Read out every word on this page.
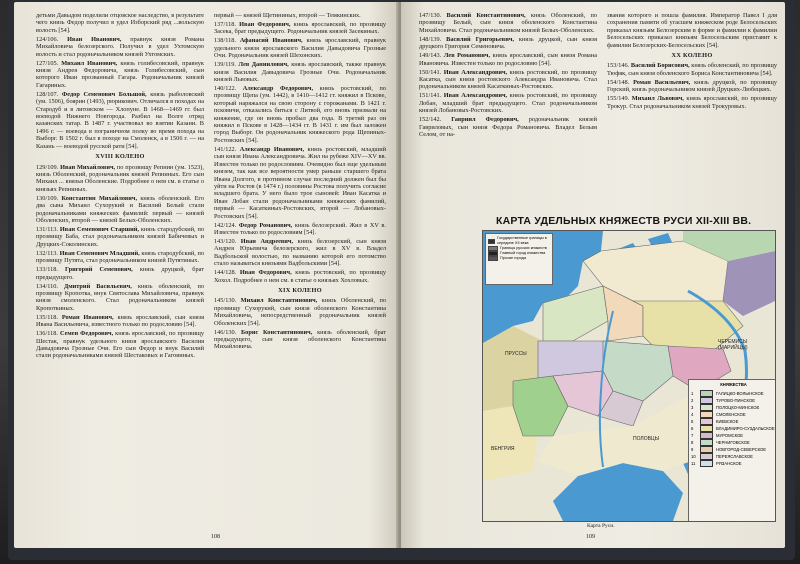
детьми Давыдом поделили отцовское наследство, в результате чего князь Федор получил в удел Изборский ряд ...вольскую волость [54].

124/106. Иван Иванович, правнук князя Романа Михайловича белозерского. Получил в удел Ухтомскую волость и стал родоначальником князей Ухтомских.

127/105. Михаил Иванович, князь голибесовский, правнук князя Андрея Федоровича, князь Голибесовский, сын которого Иван прозванный Гагара. Родоначальник князей Гагариных.

128/107. Федор Семенович Большой, князь рыболовский (ум. 1506), боярин (1493), рюрикович. Отличался в походах на Стародуб и в литовском — Хлопуне. В 1468—1469 гг. был воеводой Нижнего Новгорода. Разбил на Волге отряд казанских татар. В 1487 г. участвовал во взятии Казани. В 1496 г. — воевода в пограничном полку во время похода на Выборг. В 1502 г. был в походе на Смоленск, а в 1506 г. — на Казань — воеводой русской рати [54].

XVIII КОЛЕНО

129/109. Иван Михайлович, по прозвищу Репнин (ум. 1523), князь Оболенский, родоначальник князей Репниных. Его сын Михаил ... князья Оболенские. Подробнее о нем см. в статье о князьях Репниных.

130/109. Константин Михайлович, князь оболенский. Его два сына Михаил Сухорукий и Василий Белый стали родоначальниками княжеских фамилий: первый — князей Оболенских, второй — князей Белых-Оболенских.

131/113. Иван Семенович Старший, князь стародубский, по прозвищу Баба, стал родоначальником князей Бабичевых и Друцких-Соколинских.

132/113. Иван Семенович Младший, князь стародубский, по прозвищу Путята, стал родоначальником князей Путятиных.

133/118. Григорий Семенович, князь друцкой, брат предыдущего.

134/110. Дмитрий Васильевич, князь оболенский, по прозвищу Кропотка, внук Святослава Михайловича, правнук князя смоленского. Стал родоначальником князей Кропоткиных.

135/118. Роман Иванович, князь ярославский, сын князя Ивана Васильевича, известного только по родословию [54].

136/118. Семен Федорович, князь ярославский, по прозвищу Шестак, правнук удельного князя ярославского Василия Давыдовича Грозные Очи. Его сын Федор и внук Василий стали родоначальниками князей Шестаковых и Гаговиных.

первый — князей Щетининых, второй — Темкинских.

137/118. Иван Федорович, князь ярославский, по прозвищу Засека, брат предыдущего. Родоначальник князей Засекиных.

138/118. Афанасий Иванович, князь ярославский, правнук удельного князя ярославского Василия Давыдовича Грозные Очи. Родоначальник князей Шехонских.

139/119. Лев Даниилович, князь ярославский, также правнук князя Василия Давыдовича Грозные Очи. Родоначальник князей Львовых.

140/122. Александр Федорович, князь ростовский, по прозвищу Щепа (ум. 1442), в 1410—1412 гг. княжил в Пскове, который наряжался на свою сторону с горожанами. В 1421 г. псковичи, отказались биться с Литвой, его вновь призвали на княжение, где он вновь пробыл два года. В третий раз он княжил в Пскове в 1428—1434 гг. В 1431 г. им был заложен город Выборг. Он родоначальник княжеского рода Щепиных-Ростовских [54].

141/122. Александр Иванович, князь ростовский, младший сын князя Ивана Александровича. Жил на рубеже XIV—XV вв. Известен только по родословиям. Очевидно был еще удельным князем, так как все вероятности умер раньше старшего брата Ивана Долгого, в противном случае последний должен был бы уйти на Ростов (в 1474 г.) половины Ростова получить согласие младшего брата. У него было трое сыновей: Иван Касатка и Иван Лобан стали родоначальниками княжеских фамилий, первый — Касаткиных-Ростовских, второй — Лобановых-Ростовских [54].

142/124. Федор Романович, князь белозерский. Жил в XV в. Известен только по родословиям [54].

143/120. Иван Андреевич, князь белозерский, сын князя Андрея Юрьевича белозерского, жил в XV в. Владел Вадбольской волостью, по названию которой его потомство стало называться князьями Вадбольскими [54].

144/128. Иван Федорович, князь ростовский, по прозвищу Хохол. Подробнее о нем см. в статье о князьях Хохловых.

XIX КОЛЕНО

145/130. Михаил Константинович, князь Оболенский, по прозвищу Сухорукий, сын князя оболенского Константина Михайловича, непосредственный родоначальник князей Оболенских [54].

146/130. Борис Константинович, князь оболенский, брат предыдущего, сын князя оболенского Константина Михайловича.

108

147/130. Василий Константинович, князь Оболенский, по прозвищу Белый, сын князя оболенского Константина Михайловича. Стал родоначальником князей Белых-Оболенских.

148/139. Василий Григорьевич, князь друцкой, сын князя друцкого Григория Семеновича.

149/143. Лев Романович, князь ярославский, сын князя Романа Ивановича. Известен только по родословию [54].

150/141. Иван Александрович, князь ростовский, по прозвищу Касатка, сын князя ростовского Александра Ивановича. Стал родоначальником князей Касаткиных-Ростовских.

151/141. Иван Александрович, князь ростовский, по прозвищу Лобан, младший брат предыдущего. Стал родоначальником князей Лобановых-Ростовских.

152/142. Гавриил Федорович, родоначальник князей Гавриловых, сын князя Федора Романовича. Владел Белым Селом, от на-

звания которого и пошла фамилия. Император Павел I для сохранения памяти об угасшем княжеском роде Белосельских приказал князьям Белозерским в форме и фамилии к фамилии Белосельских приказал князьям Белосельским приставит к фамилии Белозерских-Белосельских [54].

XX КОЛЕНО

153/146. Василий Борисович, князь оболенский, по прозвищу Тюфяк, сын князя оболенского Бориса Константиновича [54].

154/148. Роман Васильевич, князь друцкой, по прозвищу Горский, князь родоначальником князей Друцких-Любецких.

155/149. Михаил Львович, князь ярославский, по прозвищу Трокур. Стал родоначальником князей Трокуровых.

109
КАРТА УДЕЛЬНЫХ КНЯЖЕСТВ РУСИ XII-XIII ВВ.
Государственные границы в середине XII века
Границы русских княжеств
Главный город княжества
Прочие города
ПРУССЫ
ЧЕРЕМИСЫ (МАРИЙЦЫ)
ВЕНГРИЯ
ПОЛОВЦЫ
КНЯЖЕСТВА
1	ГАЛИЦКО-ВОЛЫНСКОЕ
2	ТУРОВО-ПИНСКОЕ
3	ПОЛОЦКО-МИНСКОЕ
4	СМОЛЕНСКОЕ
5	КИЕВСКОЕ
6	ВЛАДИМИРО-СУЗДАЛЬСКОЕ
7	МУРОМСКОЕ
8	ЧЕРНИГОВСКОЕ
9	НОВГОРОД-СЕВЕРСКОЕ
10	ПЕРЕЯСЛАВСКОЕ
11	РЯЗАНСКОЕ
Карта Руси.
